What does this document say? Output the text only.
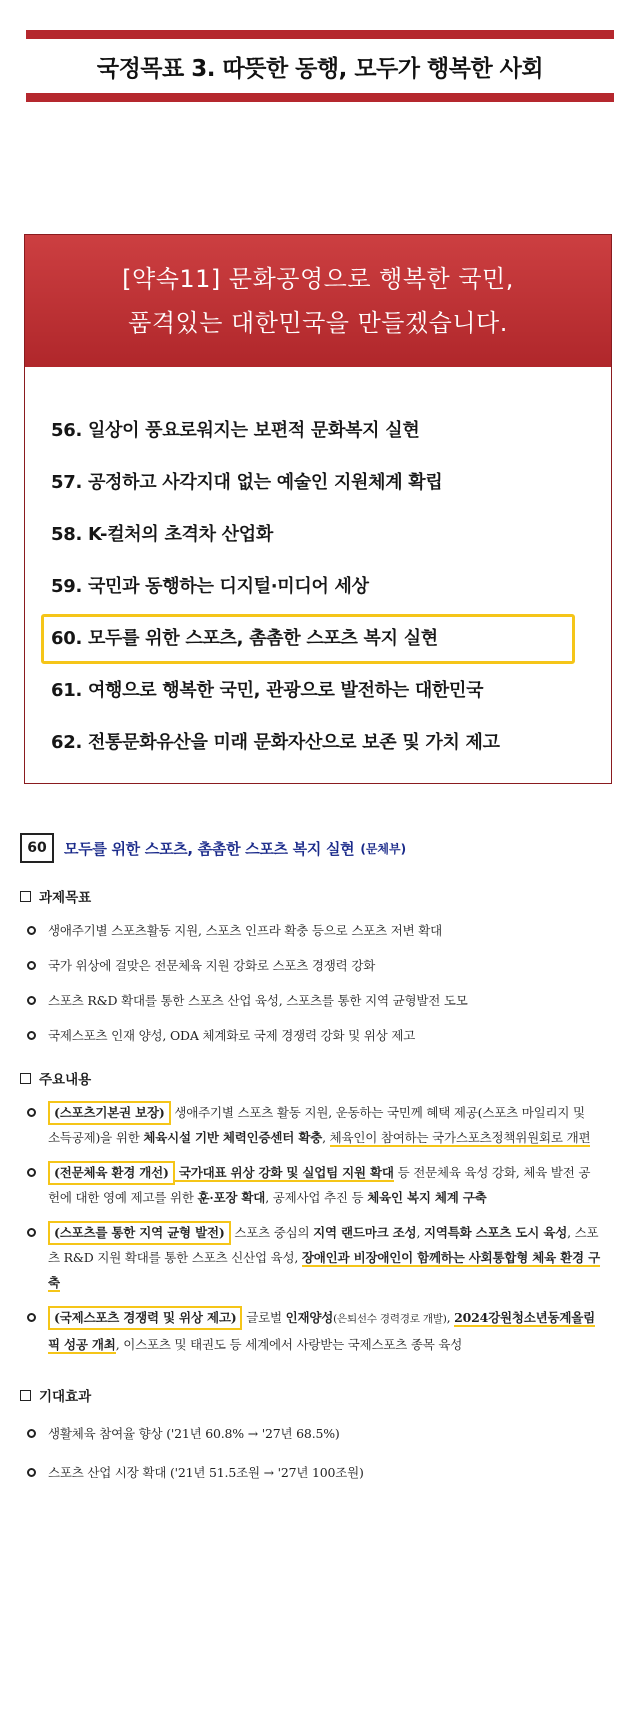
국정목표 3. 따뜻한 동행, 모두가 행복한 사회
[약속11] 문화공영으로 행복한 국민,
품격있는 대한민국을 만들겠습니다.
56. 일상이 풍요로워지는 보편적 문화복지 실현
57. 공정하고 사각지대 없는 예술인 지원체계 확립
58. K-컬처의 초격차 산업화
59. 국민과 동행하는 디지털·미디어 세상
60. 모두를 위한 스포츠, 촘촘한 스포츠 복지 실현
61. 여행으로 행복한 국민, 관광으로 발전하는 대한민국
62. 전통문화유산을 미래 문화자산으로 보존 및 가치 제고
60	모두를 위한 스포츠, 촘촘한 스포츠 복지 실현 (문체부)
과제목표
생애주기별 스포츠활동 지원, 스포츠 인프라 확충 등으로 스포츠 저변 확대
국가 위상에 걸맞은 전문체육 지원 강화로 스포츠 경쟁력 강화
스포츠 R&D 확대를 통한 스포츠 산업 육성, 스포츠를 통한 지역 균형발전 도모
국제스포츠 인재 양성, ODA 체계화로 국제 경쟁력 강화 및 위상 제고
주요내용
(스포츠기본권 보장) 생애주기별 스포츠 활동 지원, 운동하는 국민께 혜택 제공(스포츠 마일리지 및 소득공제)을 위한 체육시설 기반 체력인증센터 확충, 체육인이 참여하는 국가스포츠정책위원회로 개편
(전문체육 환경 개선) 국가대표 위상 강화 및 실업팀 지원 확대 등 전문체육 육성 강화, 체육 발전 공헌에 대한 영예 제고를 위한 훈·포장 확대, 공제사업 추진 등 체육인 복지 체계 구축
(스포츠를 통한 지역 균형 발전) 스포츠 중심의 지역 랜드마크 조성, 지역특화 스포츠 도시 육성, 스포츠 R&D 지원 확대를 통한 스포츠 신산업 육성, 장애인과 비장애인이 함께하는 사회통합형 체육 환경 구축
(국제스포츠 경쟁력 및 위상 제고) 글로벌 인재양성(은퇴선수 경력경로 개발), 2024강원청소년동계올림픽 성공 개최, 이스포츠 및 태권도 등 세계에서 사랑받는 국제스포츠 종목 육성
기대효과
생활체육 참여율 향상 ('21년 60.8% → '27년 68.5%)
스포츠 산업 시장 확대 ('21년 51.5조원 → '27년 100조원)
